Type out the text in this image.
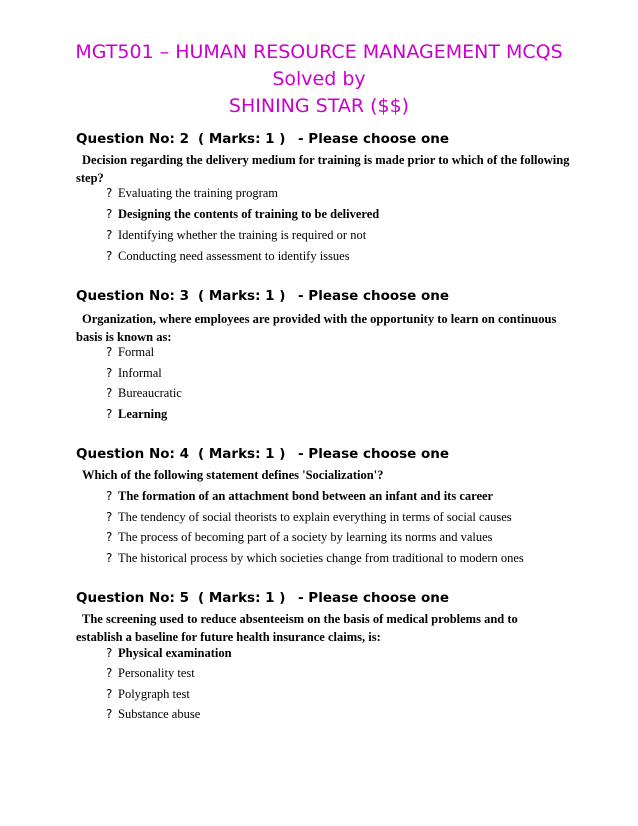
MGT501 – HUMAN RESOURCE MANAGEMENT MCQS
Solved by
SHINING STAR ($$)
Question No: 2 ( Marks: 1 ) - Please choose one
Decision regarding the delivery medium for training is made prior to which of the following step?
? Evaluating the training program
? Designing the contents of training to be delivered
? Identifying whether the training is required or not
? Conducting need assessment to identify issues
Question No: 3 ( Marks: 1 ) - Please choose one
Organization, where employees are provided with the opportunity to learn on continuous basis is known as:
? Formal
? Informal
? Bureaucratic
? Learning
Question No: 4 ( Marks: 1 ) - Please choose one
Which of the following statement defines 'Socialization'?
? The formation of an attachment bond between an infant and its career
? The tendency of social theorists to explain everything in terms of social causes
? The process of becoming part of a society by learning its norms and values
? The historical process by which societies change from traditional to modern ones
Question No: 5 ( Marks: 1 ) - Please choose one
The screening used to reduce absenteeism on the basis of medical problems and to establish a baseline for future health insurance claims, is:
? Physical examination
? Personality test
? Polygraph test
? Substance abuse
